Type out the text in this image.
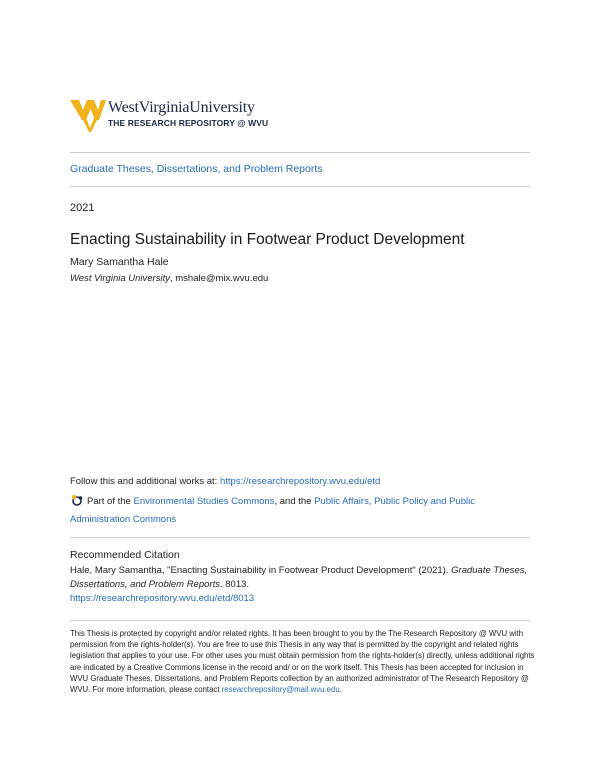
WestVirginiaUniversity
THE RESEARCH REPOSITORY @ WVU
Graduate Theses, Dissertations, and Problem Reports
2021
Enacting Sustainability in Footwear Product Development
Mary Samantha Hale
West Virginia University, mshale@mix.wvu.edu
Follow this and additional works at: https://researchrepository.wvu.edu/etd
Part of the Environmental Studies Commons, and the Public Affairs, Public Policy and Public Administration Commons
Recommended Citation
Hale, Mary Samantha, "Enacting Sustainability in Footwear Product Development" (2021). Graduate Theses, Dissertations, and Problem Reports. 8013.
https://researchrepository.wvu.edu/etd/8013
This Thesis is protected by copyright and/or related rights. It has been brought to you by the The Research Repository @ WVU with permission from the rights-holder(s). You are free to use this Thesis in any way that is permitted by the copyright and related rights legislation that applies to your use. For other uses you must obtain permission from the rights-holder(s) directly, unless additional rights are indicated by a Creative Commons license in the record and/ or on the work itself. This Thesis has been accepted for inclusion in WVU Graduate Theses, Dissertations, and Problem Reports collection by an authorized administrator of The Research Repository @ WVU. For more information, please contact researchrepository@mail.wvu.edu.
